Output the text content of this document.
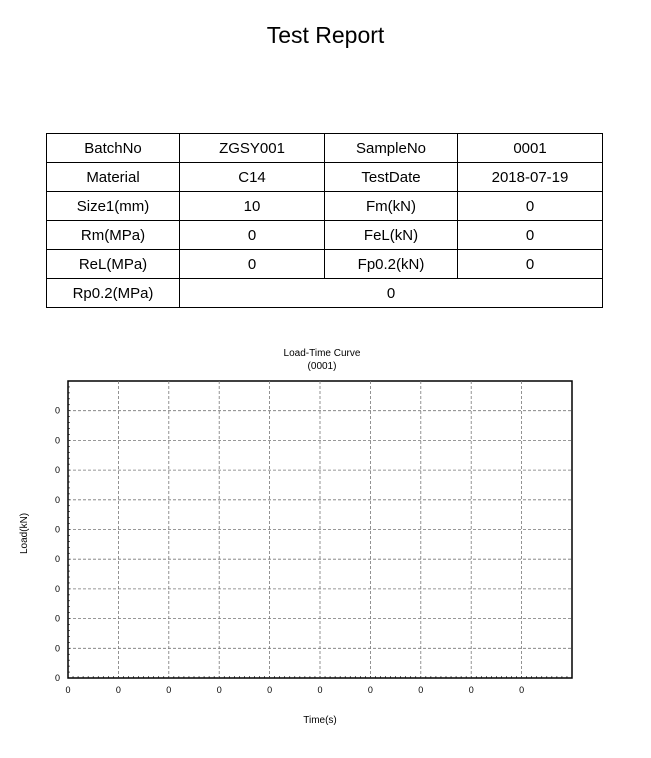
Test Report
BatchNo	ZGSY001	SampleNo	0001
Material	C14	TestDate	2018-07-19
Size1(mm)	10	Fm(kN)	0
Rm(MPa)	0	FeL(kN)	0
ReL(MPa)	0	Fp0.2(kN)	0
Rp0.2(MPa)	0		
Load-Time Curve
(0001)
0	0	0	0	0	0	0	0	0	0
0
0
0
0
0
0
0
0
0
0
Load(kN)
Time(s)
